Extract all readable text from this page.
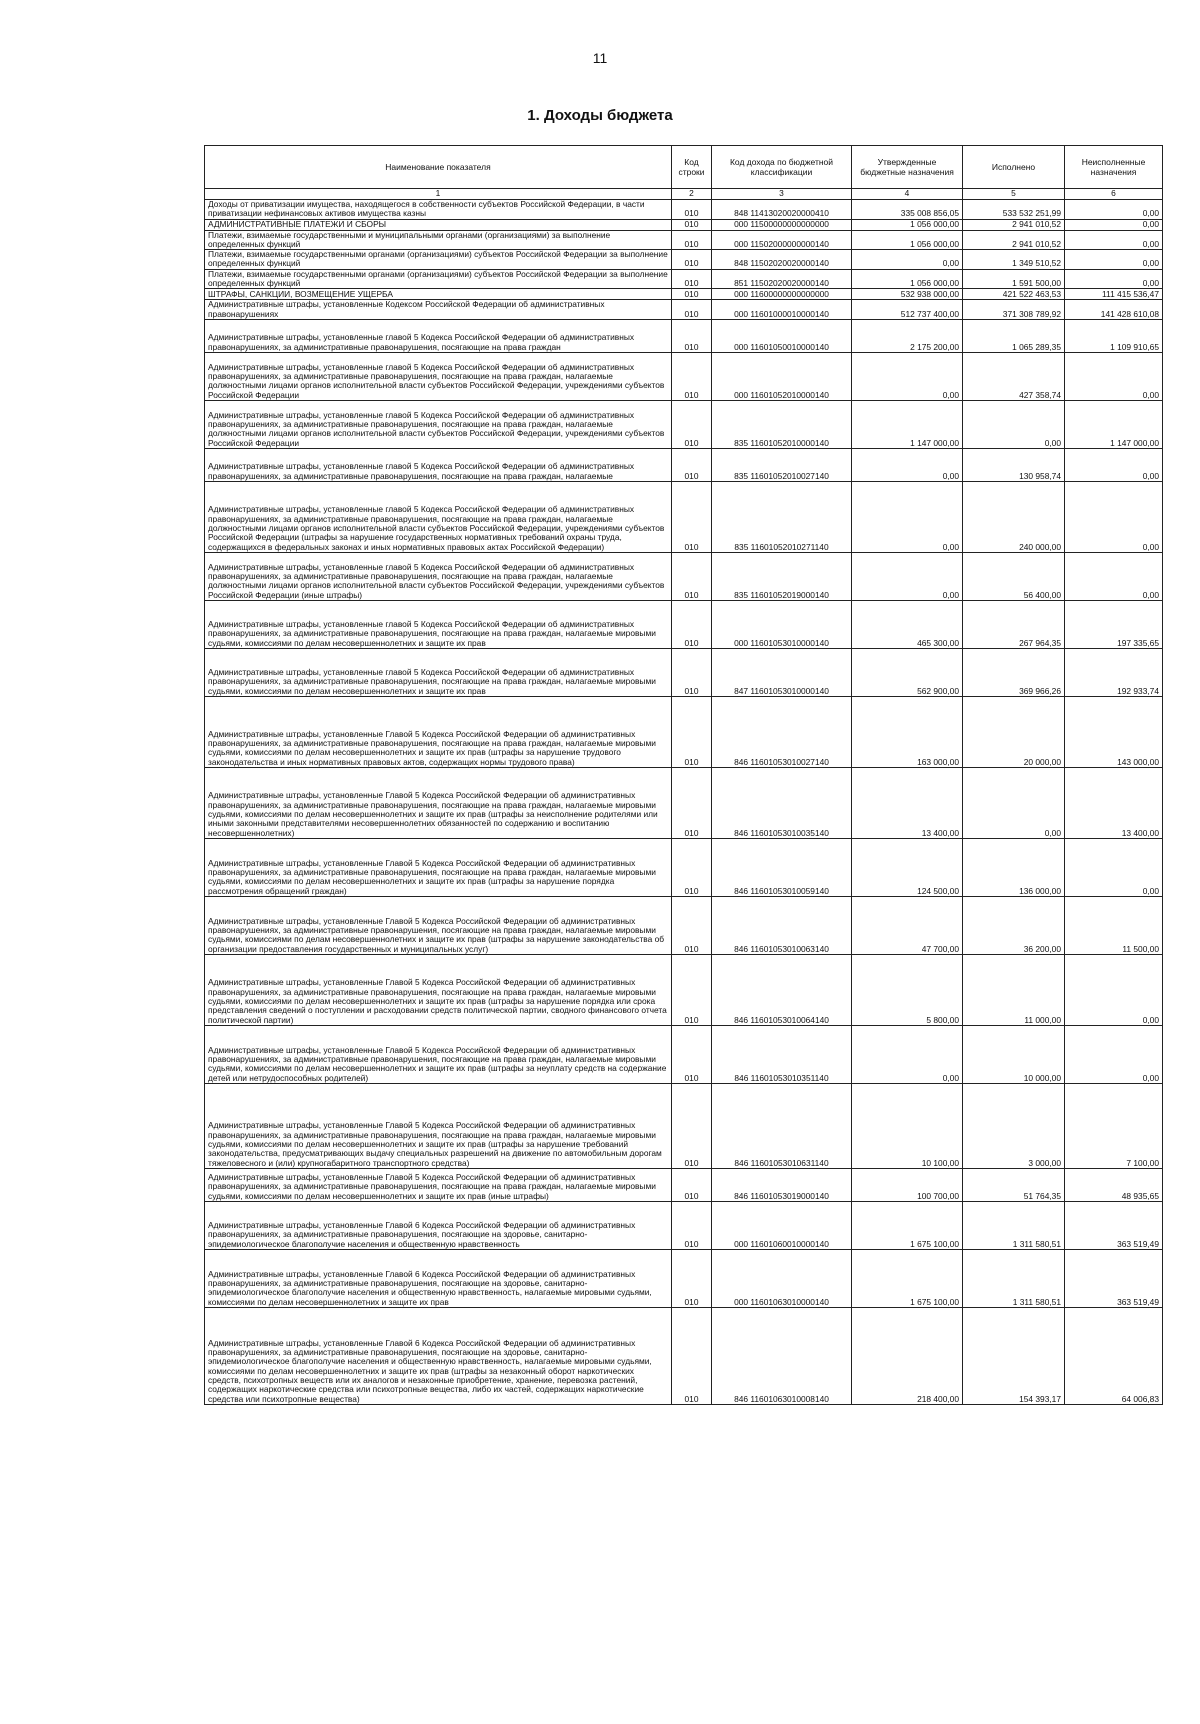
11
1. Доходы бюджета
Наименование показателя	Код строки	Код дохода по бюджетной классификации	Утвержденные бюджетные назначения	Исполнено	Неисполненные назначения
1	2	3	4	5	6
Доходы от приватизации имущества, находящегося в собственности субъектов Российской Федерации, в части приватизации нефинансовых активов имущества казны	010	848 11413020020000410	335 008 856,05	533 532 251,99	0,00
АДМИНИСТРАТИВНЫЕ ПЛАТЕЖИ И СБОРЫ	010	000 11500000000000000	1 056 000,00	2 941 010,52	0,00
Платежи, взимаемые государственными и муниципальными органами (организациями) за выполнение определенных функций	010	000 11502000000000140	1 056 000,00	2 941 010,52	0,00
Платежи, взимаемые государственными органами (организациями) субъектов Российской Федерации за выполнение определенных функций	010	848 11502020020000140	0,00	1 349 510,52	0,00
Платежи, взимаемые государственными органами (организациями) субъектов Российской Федерации за выполнение определенных функций	010	851 11502020020000140	1 056 000,00	1 591 500,00	0,00
ШТРАФЫ, САНКЦИИ, ВОЗМЕЩЕНИЕ УЩЕРБА	010	000 11600000000000000	532 938 000,00	421 522 463,53	111 415 536,47
Административные штрафы, установленные Кодексом Российской Федерации об административных правонарушениях	010	000 11601000010000140	512 737 400,00	371 308 789,92	141 428 610,08
Административные штрафы, установленные главой 5 Кодекса Российской Федерации об административных правонарушениях, за административные правонарушения, посягающие на права граждан	010	000 11601050010000140	2 175 200,00	1 065 289,35	1 109 910,65
Административные штрафы, установленные главой 5 Кодекса Российской Федерации об административных правонарушениях, за административные правонарушения, посягающие на права граждан, налагаемые должностными лицами органов исполнительной власти субъектов Российской Федерации, учреждениями субъектов Российской Федерации	010	000 11601052010000140	0,00	427 358,74	0,00
Административные штрафы, установленные главой 5 Кодекса Российской Федерации об административных правонарушениях, за административные правонарушения, посягающие на права граждан, налагаемые должностными лицами органов исполнительной власти субъектов Российской Федерации, учреждениями субъектов Российской Федерации	010	835 11601052010000140	1 147 000,00	0,00	1 147 000,00
Административные штрафы, установленные главой 5 Кодекса Российской Федерации об административных правонарушениях, за административные правонарушения, посягающие на права граждан, налагаемые	010	835 11601052010027140	0,00	130 958,74	0,00
Административные штрафы, установленные главой 5 Кодекса Российской Федерации об административных правонарушениях, за административные правонарушения, посягающие на права граждан, налагаемые должностными лицами органов исполнительной власти субъектов Российской Федерации, учреждениями субъектов Российской Федерации (штрафы за нарушение государственных нормативных требований охраны труда, содержащихся в федеральных законах и иных нормативных правовых актах Российской Федерации)	010	835 11601052010271140	0,00	240 000,00	0,00
Административные штрафы, установленные главой 5 Кодекса Российской Федерации об административных правонарушениях, за административные правонарушения, посягающие на права граждан, налагаемые должностными лицами органов исполнительной власти субъектов Российской Федерации, учреждениями субъектов Российской Федерации (иные штрафы)	010	835 11601052019000140	0,00	56 400,00	0,00
Административные штрафы, установленные главой 5 Кодекса Российской Федерации об административных правонарушениях, за административные правонарушения, посягающие на права граждан, налагаемые мировыми судьями, комиссиями по делам несовершеннолетних и защите их прав	010	000 11601053010000140	465 300,00	267 964,35	197 335,65
Административные штрафы, установленные главой 5 Кодекса Российской Федерации об административных правонарушениях, за административные правонарушения, посягающие на права граждан, налагаемые мировыми судьями, комиссиями по делам несовершеннолетних и защите их прав	010	847 11601053010000140	562 900,00	369 966,26	192 933,74
Административные штрафы, установленные Главой 5 Кодекса Российской Федерации об административных правонарушениях, за административные правонарушения, посягающие на права граждан, налагаемые мировыми судьями, комиссиями по делам несовершеннолетних и защите их прав (штрафы за нарушение трудового законодательства и иных нормативных правовых актов, содержащих нормы трудового права)	010	846 11601053010027140	163 000,00	20 000,00	143 000,00
Административные штрафы, установленные Главой 5 Кодекса Российской Федерации об административных правонарушениях, за административные правонарушения, посягающие на права граждан, налагаемые мировыми судьями, комиссиями по делам несовершеннолетних и защите их прав (штрафы за неисполнение родителями или иными законными представителями несовершеннолетних обязанностей по содержанию и воспитанию несовершеннолетних)	010	846 11601053010035140	13 400,00	0,00	13 400,00
Административные штрафы, установленные Главой 5 Кодекса Российской Федерации об административных правонарушениях, за административные правонарушения, посягающие на права граждан, налагаемые мировыми судьями, комиссиями по делам несовершеннолетних и защите их прав (штрафы за нарушение порядка рассмотрения обращений граждан)	010	846 11601053010059140	124 500,00	136 000,00	0,00
Административные штрафы, установленные Главой 5 Кодекса Российской Федерации об административных правонарушениях, за административные правонарушения, посягающие на права граждан, налагаемые мировыми судьями, комиссиями по делам несовершеннолетних и защите их прав (штрафы за нарушение законодательства об организации предоставления государственных и муниципальных услуг)	010	846 11601053010063140	47 700,00	36 200,00	11 500,00
Административные штрафы, установленные Главой 5 Кодекса Российской Федерации об административных правонарушениях, за административные правонарушения, посягающие на права граждан, налагаемые мировыми судьями, комиссиями по делам несовершеннолетних и защите их прав (штрафы за нарушение порядка или срока представления сведений о поступлении и расходовании средств политической партии, сводного финансового отчета политической партии)	010	846 11601053010064140	5 800,00	11 000,00	0,00
Административные штрафы, установленные Главой 5 Кодекса Российской Федерации об административных правонарушениях, за административные правонарушения, посягающие на права граждан, налагаемые мировыми судьями, комиссиями по делам несовершеннолетних и защите их прав (штрафы за неуплату средств на содержание детей или нетрудоспособных родителей)	010	846 11601053010351140	0,00	10 000,00	0,00
Административные штрафы, установленные Главой 5 Кодекса Российской Федерации об административных правонарушениях, за административные правонарушения, посягающие на права граждан, налагаемые мировыми судьями, комиссиями по делам несовершеннолетних и защите их прав (штрафы за нарушение требований законодательства, предусматривающих выдачу специальных разрешений на движение по автомобильным дорогам тяжеловесного и (или) крупногабаритного транспортного средства)	010	846 11601053010631140	10 100,00	3 000,00	7 100,00
Административные штрафы, установленные Главой 5 Кодекса Российской Федерации об административных правонарушениях, за административные правонарушения, посягающие на права граждан, налагаемые мировыми судьями, комиссиями по делам несовершеннолетних и защите их прав (иные штрафы)	010	846 11601053019000140	100 700,00	51 764,35	48 935,65
Административные штрафы, установленные Главой 6 Кодекса Российской Федерации об административных правонарушениях, за административные правонарушения, посягающие на здоровье, санитарно-эпидемиологическое благополучие населения и общественную нравственность	010	000 11601060010000140	1 675 100,00	1 311 580,51	363 519,49
Административные штрафы, установленные Главой 6 Кодекса Российской Федерации об административных правонарушениях, за административные правонарушения, посягающие на здоровье, санитарно-эпидемиологическое благополучие населения и общественную нравственность, налагаемые мировыми судьями, комиссиями по делам несовершеннолетних и защите их прав	010	000 11601063010000140	1 675 100,00	1 311 580,51	363 519,49
Административные штрафы, установленные Главой 6 Кодекса Российской Федерации об административных правонарушениях, за административные правонарушения, посягающие на здоровье, санитарно-эпидемиологическое благополучие населения и общественную нравственность, налагаемые мировыми судьями, комиссиями по делам несовершеннолетних и защите их прав (штрафы за незаконный оборот наркотических средств, психотропных веществ или их аналогов и незаконные приобретение, хранение, перевозка растений, содержащих наркотические средства или психотропные вещества, либо их частей, содержащих наркотические средства или психотропные вещества)	010	846 11601063010008140	218 400,00	154 393,17	64 006,83
